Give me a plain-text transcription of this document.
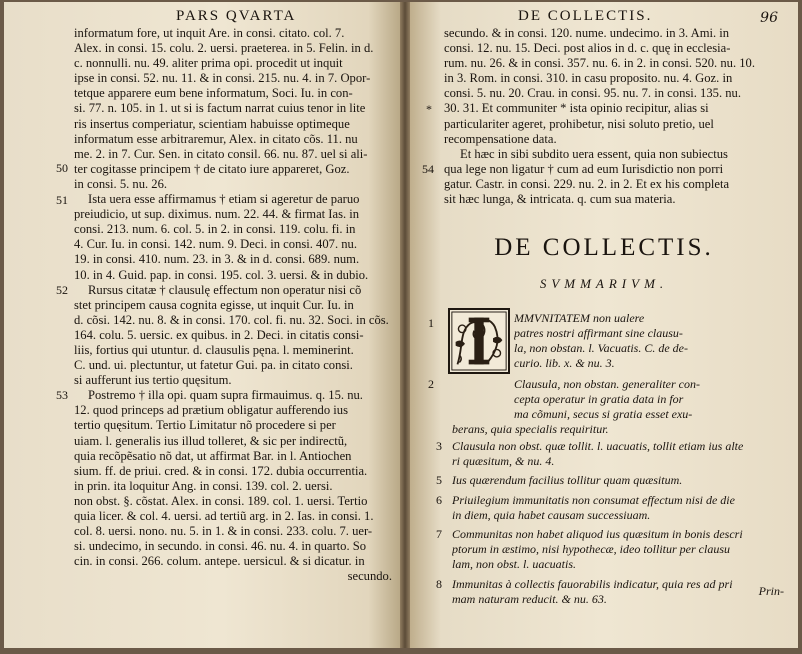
PARS QVARTA
informatum fore, ut inquit Are. in consi. citato. col. 7.
Alex. in consi. 15. colu. 2. uersi. praeterea. in 5. Felin. in d.
c. nonnulli. nu. 49. aliter prima opi. procedit ut inquit
ipse in consi. 52. nu. 11. & in consi. 215. nu. 4. in 7. Opor-
tetque apparere eum bene informatum, Soci. Iu. in con-
si. 77. n. 105. in 1. ut si is factum narrat cuius tenor in lite
ris insertus comperiatur, scientiam habuisse optimeque
informatum esse arbitraremur, Alex. in citato cõs. 11. nu
me. 2. in 7. Cur. Sen. in citato consil. 66. nu. 87. uel si ali-
ter cogitasse principem † de citato iure appareret, Goz.
in consi. 5. nu. 26.
Ista uera esse affirmamus † etiam si ageretur de paruo
preiudicio, ut sup. diximus. num. 22. 44. & firmat Ias. in
consi. 213. num. 6. col. 5. in 2. in consi. 119. colu. fi. in
4. Cur. Iu. in consi. 142. num. 9. Deci. in consi. 407. nu.
19. in consi. 410. num. 23. in 3. & in d. consi. 689. num.
10. in 4. Guid. pap. in consi. 195. col. 3. uersi. & in dubio.
Rursus citatæ † clausulę effectum non operatur nisi cõ
stet principem causa cognita egisse, ut inquit Cur. Iu. in
d. cõsi. 142. nu. 8. & in consi. 170. col. fi. nu. 32. Soci. in cõs.
164. colu. 5. uersic. ex quibus. in 2. Deci. in citatis consi-
liis, fortius qui utuntur. d. clausulis pęna. l. meminerint.
C. und. ui. plectuntur, ut fatetur Gui. pa. in citato consi.
si aufferunt ius tertio quęsitum.
Postremo † illa opi. quam supra firmauimus. q. 15. nu.
12. quod princeps ad prætium obligatur aufferendo ius
tertio quęsitum. Tertio Limitatur nõ procedere si per
uiam. l. generalis ius illud tolleret, & sic per indirectũ,
quia recõpẽsatio nõ dat, ut affirmat Bar. in l. Antiochen
sium. ff. de priui. cred. & in consi. 172. dubia occurrentia.
in prin. ita loquitur Ang. in consi. 139. col. 2. uersi.
non obst. §. cõstat. Alex. in consi. 189. col. 1. uersi. Tertio
quia licer. & col. 4. uersi. ad tertiũ arg. in 2. Ias. in consi. 1.
col. 8. uersi. nono. nu. 5. in 1. & in consi. 233. colu. 7. uer-
si. undecimo, in secundo. in consi. 46. nu. 4. in quarto. So
cin. in consi. 266. colum. antepe. uersicul. & si dicatur. in
secundo.
50
51
52
53
DE COLLECTIS.	96
secundo. & in consi. 120. nume. undecimo. in 3. Ami. in
consi. 12. nu. 15. Deci. post alios in d. c. quę in ecclesia-
rum. nu. 26. & in consi. 357. nu. 6. in 2. in consi. 520. nu. 10.
in 3. Rom. in consi. 310. in casu proposito. nu. 4. Goz. in
consi. 5. nu. 20. Crau. in consi. 95. nu. 7. in consi. 135. nu.
30. 31. Et communiter * ista opinio recipitur, alias si
particulariter ageret, prohibetur, nisi soluto pretio, uel
recompensatione data.
Et hæc in sibi subdito uera essent, quia non subiectus
qua lege non ligatur † cum ad eum Iurisdictio non porri
gatur. Castr. in consi. 229. nu. 2. in 2. Et ex his completa
sit hæc lunga, & intricata. q. cum sua materia.
*
54
DE COLLECTIS.
SVMMARIVM.
1	MMVNITATEM non ualere
patres nostri affirmant sine clausu-
la, non obstan. l. Vacuatis. C. de de-
curio. lib. x. & nu. 3.
2	Clausula, non obstan. generaliter con-
cepta operatur in gratia data in for
ma cõmuni, secus si gratia esset exu-
berans, quia specialis requiritur.
3 Clausula non obst. quæ tollit. l. uacuatis, tollit etiam ius alte
ri quæsitum, & nu. 4.
5 Ius quærendum facilius tollitur quam quæsitum.
6 Priuilegium immunitatis non consumat effectum nisi de die
in diem, quia habet causam successiuam.
7 Communitas non habet aliquod ius quæsitum in bonis descri
ptorum in æstimo, nisi hypothecæ, ideo tollitur per clausu
lam, non obst. l. uacuatis.
8 Immunitas à collectis fauorabilis indicatur, quia res ad pri
mam naturam reducit. & nu. 63.
Prin-
